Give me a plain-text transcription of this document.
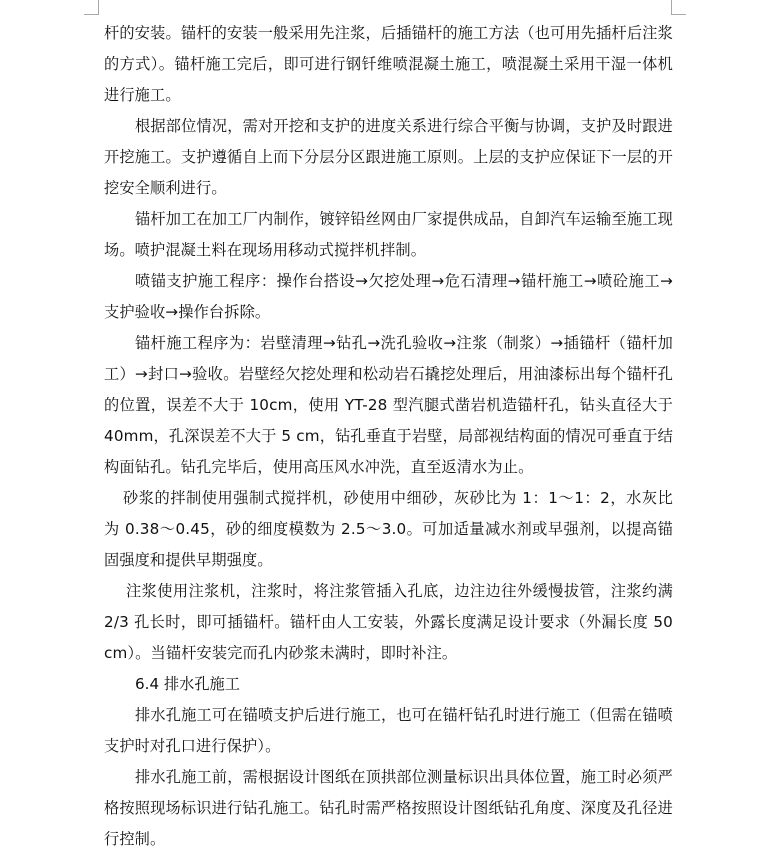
杆的安装。锚杆的安装一般采用先注浆，后插锚杆的施工方法（也可用先插杆后注浆的方式）。锚杆施工完后，即可进行钢钎维喷混凝土施工，喷混凝土采用干湿一体机进行施工。

根据部位情况，需对开挖和支护的进度关系进行综合平衡与协调，支护及时跟进开挖施工。支护遵循自上而下分层分区跟进施工原则。上层的支护应保证下一层的开挖安全顺利进行。

锚杆加工在加工厂内制作，镀锌铅丝网由厂家提供成品，自卸汽车运输至施工现场。喷护混凝土料在现场用移动式搅拌机拌制。

喷锚支护施工程序：操作台搭设→欠挖处理→危石清理→锚杆施工→喷砼施工→支护验收→操作台拆除。

锚杆施工程序为：岩壁清理→钻孔→洗孔验收→注浆（制浆）→插锚杆（锚杆加工）→封口→验收。岩壁经欠挖处理和松动岩石撬挖处理后，用油漆标出每个锚杆孔的位置，误差不大于 10cm，使用 YT-28 型汽腿式凿岩机造锚杆孔，钻头直径大于 40mm，孔深误差不大于 5 cm，钻孔垂直于岩壁，局部视结构面的情况可垂直于结构面钻孔。钻孔完毕后，使用高压风水冲洗，直至返清水为止。

砂浆的拌制使用强制式搅拌机，砂使用中细砂，灰砂比为 1：1～1：2，水灰比为 0.38～0.45，砂的细度模数为 2.5～3.0。可加适量减水剂或早强剂，以提高锚固强度和提供早期强度。

注浆使用注浆机，注浆时，将注浆管插入孔底，边注边往外缓慢拔管，注浆约满 2/3 孔长时，即可插锚杆。锚杆由人工安装，外露长度满足设计要求（外漏长度 50cm）。当锚杆安装完而孔内砂浆未满时，即时补注。

6.4 排水孔施工

排水孔施工可在锚喷支护后进行施工，也可在锚杆钻孔时进行施工（但需在锚喷支护时对孔口进行保护）。

排水孔施工前，需根据设计图纸在顶拱部位测量标识出具体位置，施工时必须严格按照现场标识进行钻孔施工。钻孔时需严格按照设计图纸钻孔角度、深度及孔径进行控制。
